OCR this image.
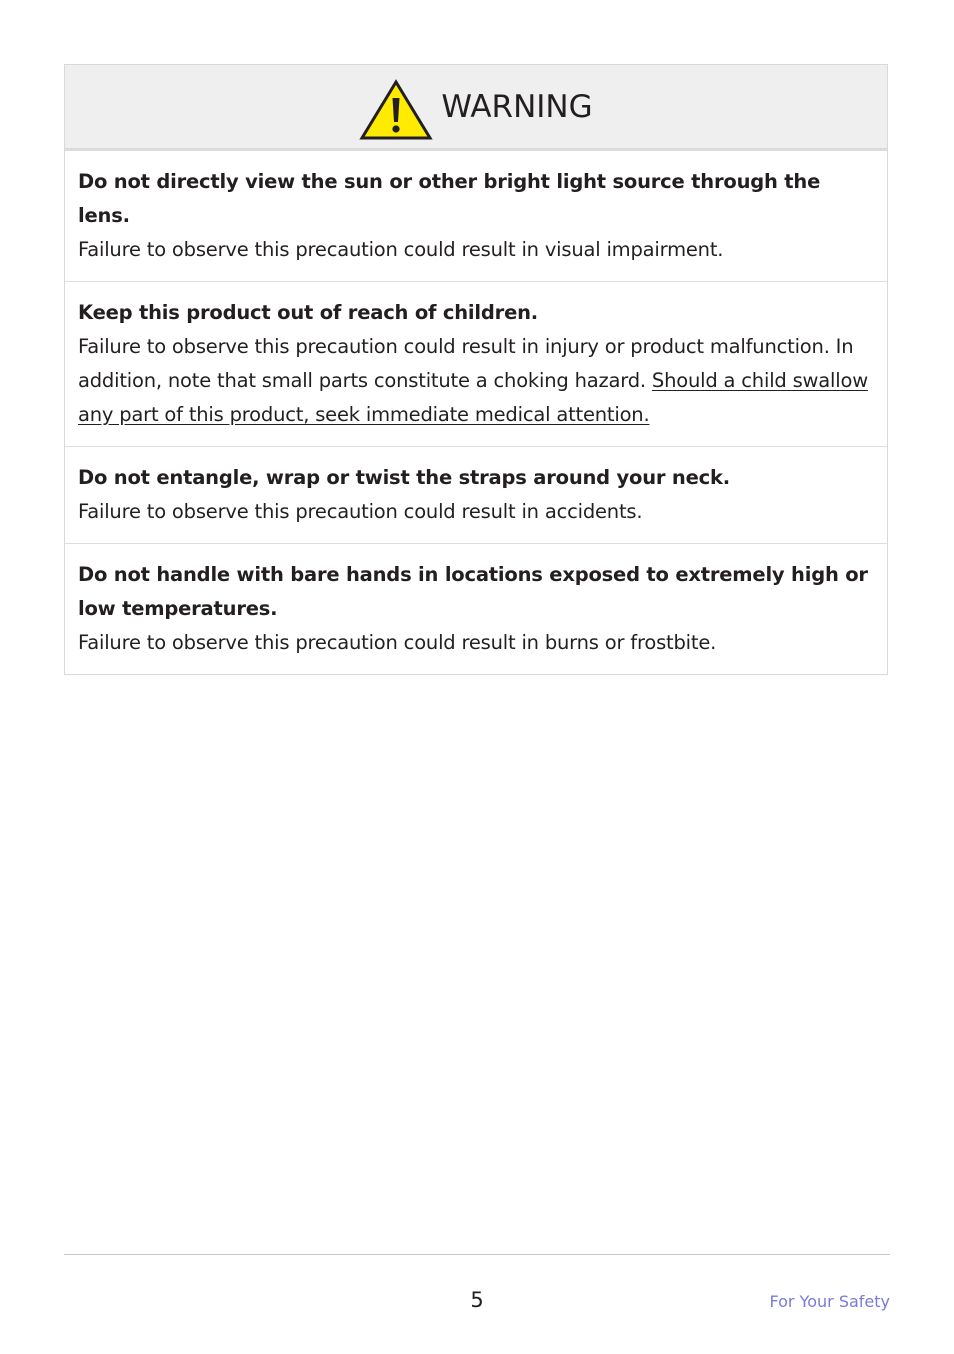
WARNING
Do not directly view the sun or other bright light source through the lens.
Failure to observe this precaution could result in visual impairment.
Keep this product out of reach of children.
Failure to observe this precaution could result in injury or product malfunction. In addition, note that small parts constitute a choking hazard. Should a child swallow any part of this product, seek immediate medical attention.
Do not entangle, wrap or twist the straps around your neck.
Failure to observe this precaution could result in accidents.
Do not handle with bare hands in locations exposed to extremely high or low temperatures.
Failure to observe this precaution could result in burns or frostbite.
5	For Your Safety
